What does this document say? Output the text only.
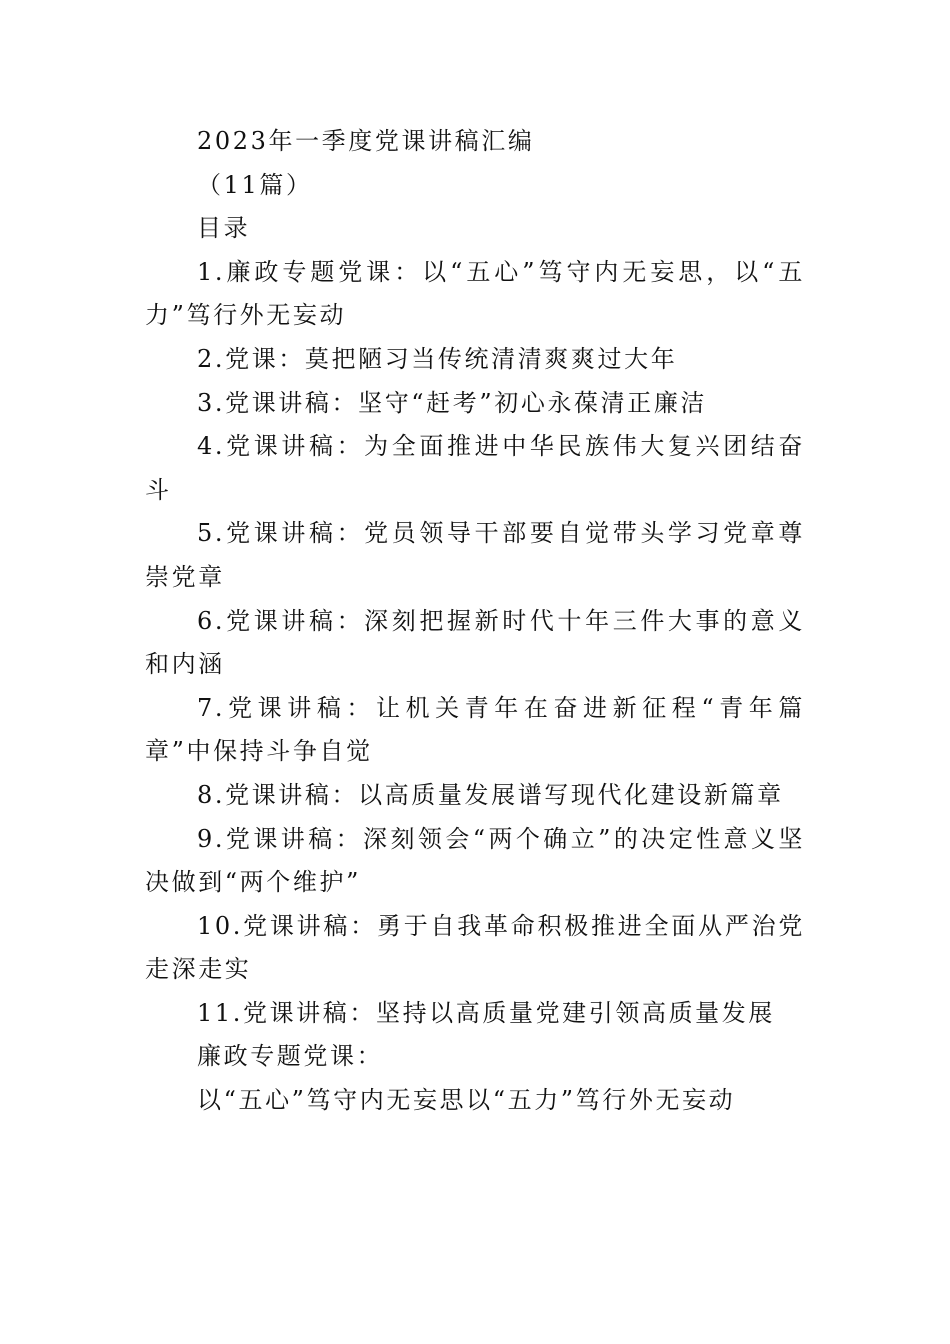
2023年一季度党课讲稿汇编

（11篇）

目录

1.廉政专题党课：以“五心”笃守内无妄思，以“五力”笃行外无妄动

2.党课：莫把陋习当传统清清爽爽过大年

3.党课讲稿：坚守“赶考”初心永葆清正廉洁

4.党课讲稿：为全面推进中华民族伟大复兴团结奋斗

5.党课讲稿：党员领导干部要自觉带头学习党章尊崇党章

6.党课讲稿：深刻把握新时代十年三件大事的意义和内涵

7.党课讲稿：让机关青年在奋进新征程“青年篇章”中保持斗争自觉

8.党课讲稿：以高质量发展谱写现代化建设新篇章

9.党课讲稿：深刻领会“两个确立”的决定性意义坚决做到“两个维护”

10.党课讲稿：勇于自我革命积极推进全面从严治党走深走实

11.党课讲稿：坚持以高质量党建引领高质量发展

廉政专题党课：

以“五心”笃守内无妄思以“五力”笃行外无妄动
